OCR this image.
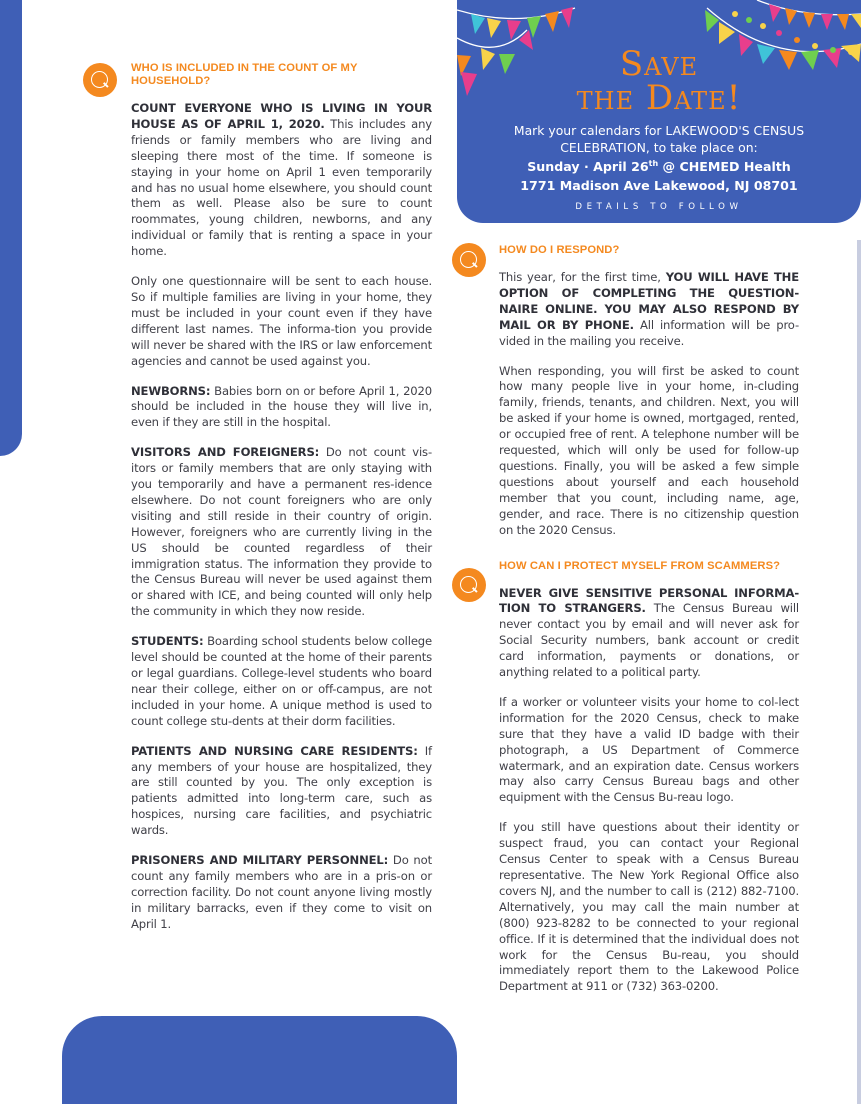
Save
the Date!
Mark your calendars for LAKEWOOD'S CENSUS CELEBRATION, to take place on:
Sunday · April 26th @ CHEMED Health
1771 Madison Ave Lakewood, NJ 08701
DETAILS TO FOLLOW
WHO IS INCLUDED IN THE COUNT OF MY HOUSEHOLD?

COUNT EVERYONE WHO IS LIVING IN YOUR HOUSE AS OF APRIL 1, 2020. This includes any friends or family members who are living and sleeping there most of the time. If someone is staying in your home on April 1 even temporarily and has no usual home elsewhere, you should count them as well. Please also be sure to count roommates, young children, newborns, and any individual or family that is renting a space in your home.

Only one questionnaire will be sent to each house. So if multiple families are living in your home, they must be included in your count even if they have different last names. The informa-tion you provide will never be shared with the IRS or law enforcement agencies and cannot be used against you.

NEWBORNS: Babies born on or before April 1, 2020 should be included in the house they will live in, even if they are still in the hospital.

VISITORS AND FOREIGNERS: Do not count vis-itors or family members that are only staying with you temporarily and have a permanent res-idence elsewhere. Do not count foreigners who are only visiting and still reside in their country of origin. However, foreigners who are currently living in the US should be counted regardless of their immigration status. The information they provide to the Census Bureau will never be used against them or shared with ICE, and being counted will only help the community in which they now reside.

STUDENTS: Boarding school students below college level should be counted at the home of their parents or legal guardians. College-level students who board near their college, either on or off-campus, are not included in your home. A unique method is used to count college stu-dents at their dorm facilities.

PATIENTS AND NURSING CARE RESIDENTS: If any members of your house are hospitalized, they are still counted by you. The only exception is patients admitted into long-term care, such as hospices, nursing care facilities, and psychiatric wards.

PRISONERS AND MILITARY PERSONNEL: Do not count any family members who are in a pris-on or correction facility. Do not count anyone living mostly in military barracks, even if they come to visit on April 1.

HOW DO I RESPOND?

This year, for the first time, YOU WILL HAVE THE OPTION OF COMPLETING THE QUESTION-NAIRE ONLINE. YOU MAY ALSO RESPOND BY MAIL OR BY PHONE. All information will be pro-vided in the mailing you receive.

When responding, you will first be asked to count how many people live in your home, in-cluding family, friends, tenants, and children. Next, you will be asked if your home is owned, mortgaged, rented, or occupied free of rent. A telephone number will be requested, which will only be used for follow-up questions. Finally, you will be asked a few simple questions about yourself and each household member that you count, including name, age, gender, and race. There is no citizenship question on the 2020 Census.

HOW CAN I PROTECT MYSELF FROM SCAMMERS?

NEVER GIVE SENSITIVE PERSONAL INFORMA-TION TO STRANGERS. The Census Bureau will never contact you by email and will never ask for Social Security numbers, bank account or credit card information, payments or donations, or anything related to a political party.

If a worker or volunteer visits your home to col-lect information for the 2020 Census, check to make sure that they have a valid ID badge with their photograph, a US Department of Commerce watermark, and an expiration date. Census workers may also carry Census Bureau bags and other equipment with the Census Bu-reau logo.

If you still have questions about their identity or suspect fraud, you can contact your Regional Census Center to speak with a Census Bureau representative. The New York Regional Office also covers NJ, and the number to call is (212) 882-7100. Alternatively, you may call the main number at (800) 923-8282 to be connected to your regional office. If it is determined that the individual does not work for the Census Bu-reau, you should immediately report them to the Lakewood Police Department at 911 or (732) 363-0200.
